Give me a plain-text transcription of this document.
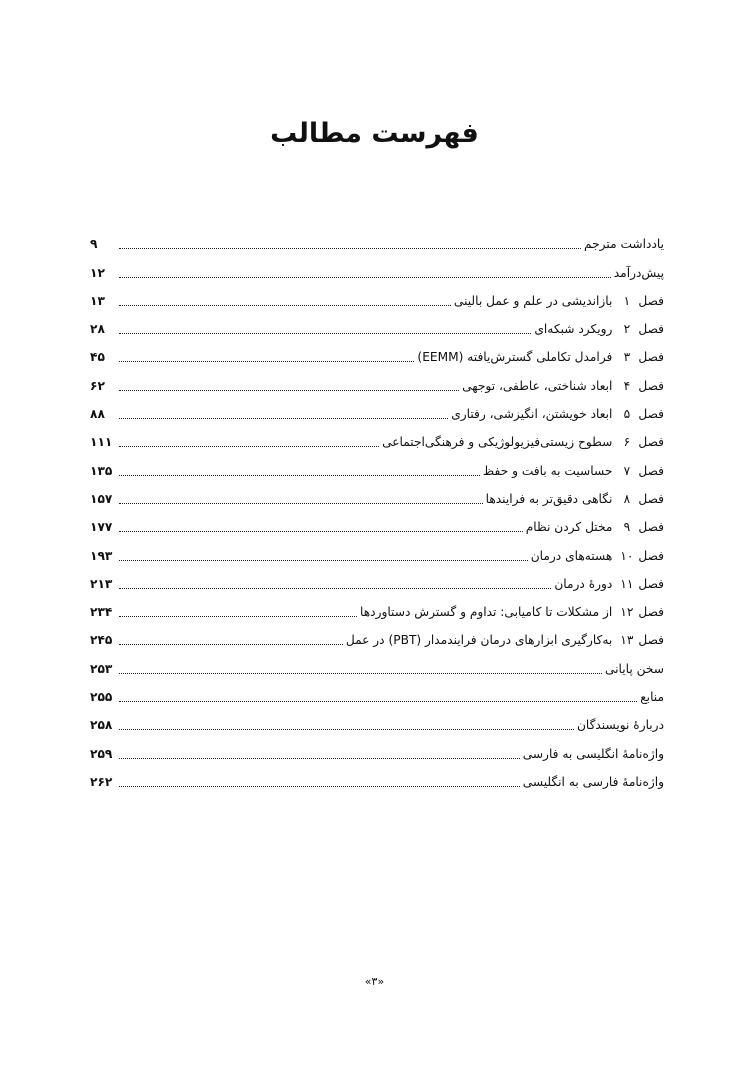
فهرست مطالب
یادداشت مترجم
۹
پیش‌درآمد
۱۲
فصل۱
بازاندیشی در علم و عمل بالینی
۱۳
فصل۲
رویکرد شبکه‌ای
۲۸
فصل۳
فرامدل تکاملی گسترش‌یافته (EEMM)
۴۵
فصل۴
ابعاد شناختی، عاطفی، توجهی
۶۲
فصل۵
ابعاد خویشتن، انگیزشی، رفتاری
۸۸
فصل۶
سطوح زیستی‌فیزیولوژیکی و فرهنگی‌اجتماعی
۱۱۱
فصل۷
حساسیت به بافت و حفظ
۱۳۵
فصل۸
نگاهی دقیق‌تر به فرایندها
۱۵۷
فصل۹
مختل کردن نظام
۱۷۷
فصل۱۰
هسته‌های درمان
۱۹۳
فصل۱۱
دورهٔ درمان
۲۱۳
فصل۱۲
از مشکلات تا کامیابی: تداوم و گسترش دستاوردها
۲۳۴
فصل۱۳
به‌کارگیری ابزارهای درمان فرایندمدار (PBT) در عمل
۲۴۵
سخن پایانی
۲۵۳
منابع
۲۵۵
دربارهٔ نویسندگان
۲۵۸
واژه‌نامهٔ انگلیسی به فارسی
۲۵۹
واژه‌نامهٔ فارسی به انگلیسی
۲۶۲
«۳»
